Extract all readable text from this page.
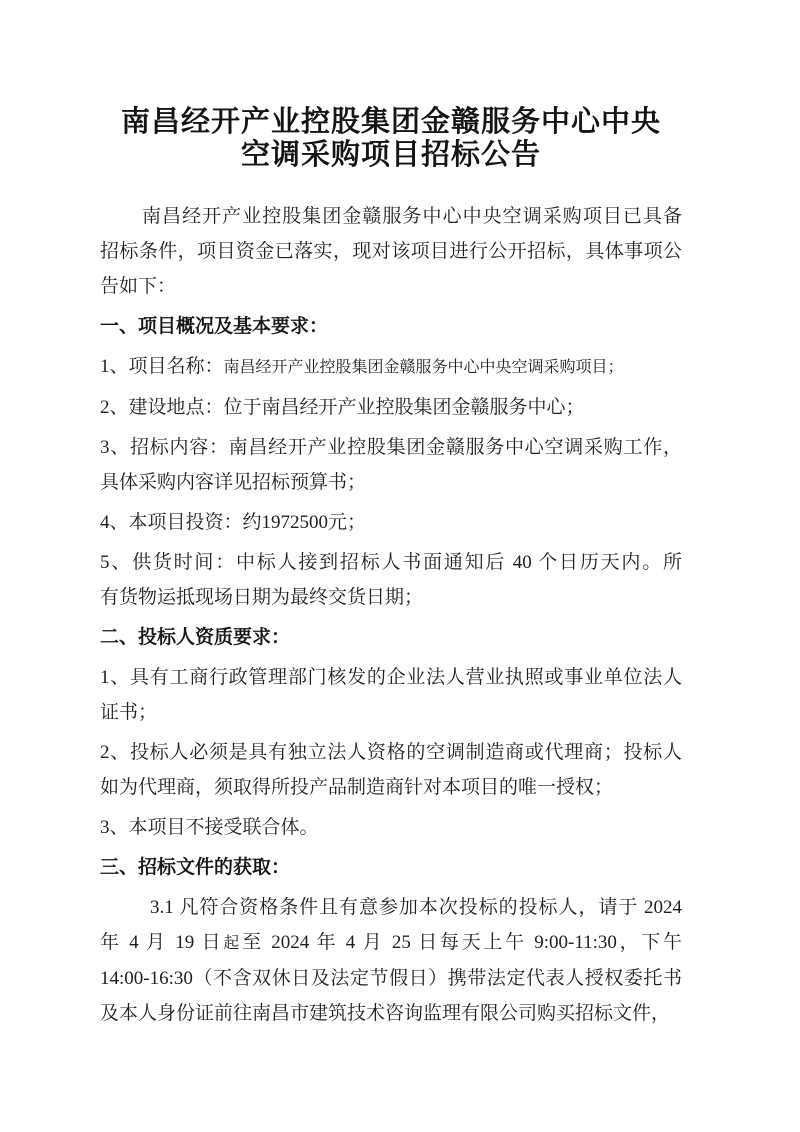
南昌经开产业控股集团金赣服务中心中央
空调采购项目招标公告
南昌经开产业控股集团金赣服务中心中央空调采购项目已具备
招标条件，项目资金已落实，现对该项目进行公开招标，具体事项公
告如下：
一、项目概况及基本要求：
1、项目名称：南昌经开产业控股集团金赣服务中心中央空调采购项目；
2、建设地点：位于南昌经开产业控股集团金赣服务中心；
3、招标内容：南昌经开产业控股集团金赣服务中心空调采购工作，
具体采购内容详见招标预算书；
4、本项目投资：约1972500元；
5、供货时间：中标人接到招标人书面通知后 40 个日历天内。所
有货物运抵现场日期为最终交货日期；
二、投标人资质要求：
1、具有工商行政管理部门核发的企业法人营业执照或事业单位法人
证书；
2、投标人必须是具有独立法人资格的空调制造商或代理商；投标人
如为代理商，须取得所投产品制造商针对本项目的唯一授权；
3、本项目不接受联合体。
三、招标文件的获取：
3.1 凡符合资格条件且有意参加本次投标的投标人，请于 2024
年 4 月 19 日起至 2024 年 4 月 25 日每天上午 9:00-11:30，下午
14:00-16:30（不含双休日及法定节假日）携带法定代表人授权委托书
及本人身份证前往南昌市建筑技术咨询监理有限公司购买招标文件，
